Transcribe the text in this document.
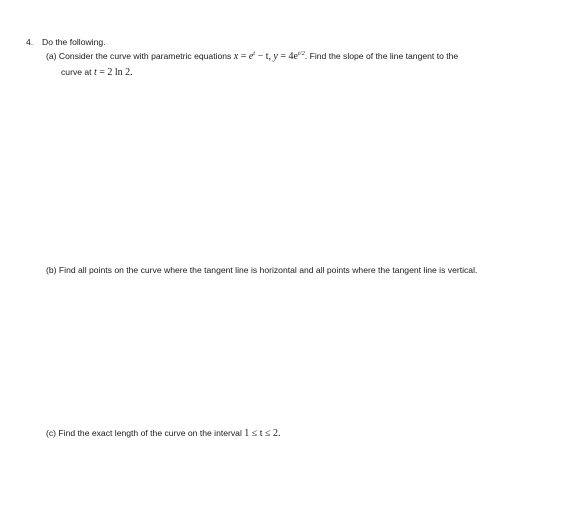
4. Do the following.
(a) Consider the curve with parametric equations $x = e^t - t$, $y = 4e^{t/2}$. Find the slope of the line tangent to the
curve at t = 2 ln 2.
(b) Find all points on the curve where the tangent line is horizontal and all points where the tangent line is vertical.
(c) Find the exact length of the curve on the interval 1 ≤ t ≤ 2.
